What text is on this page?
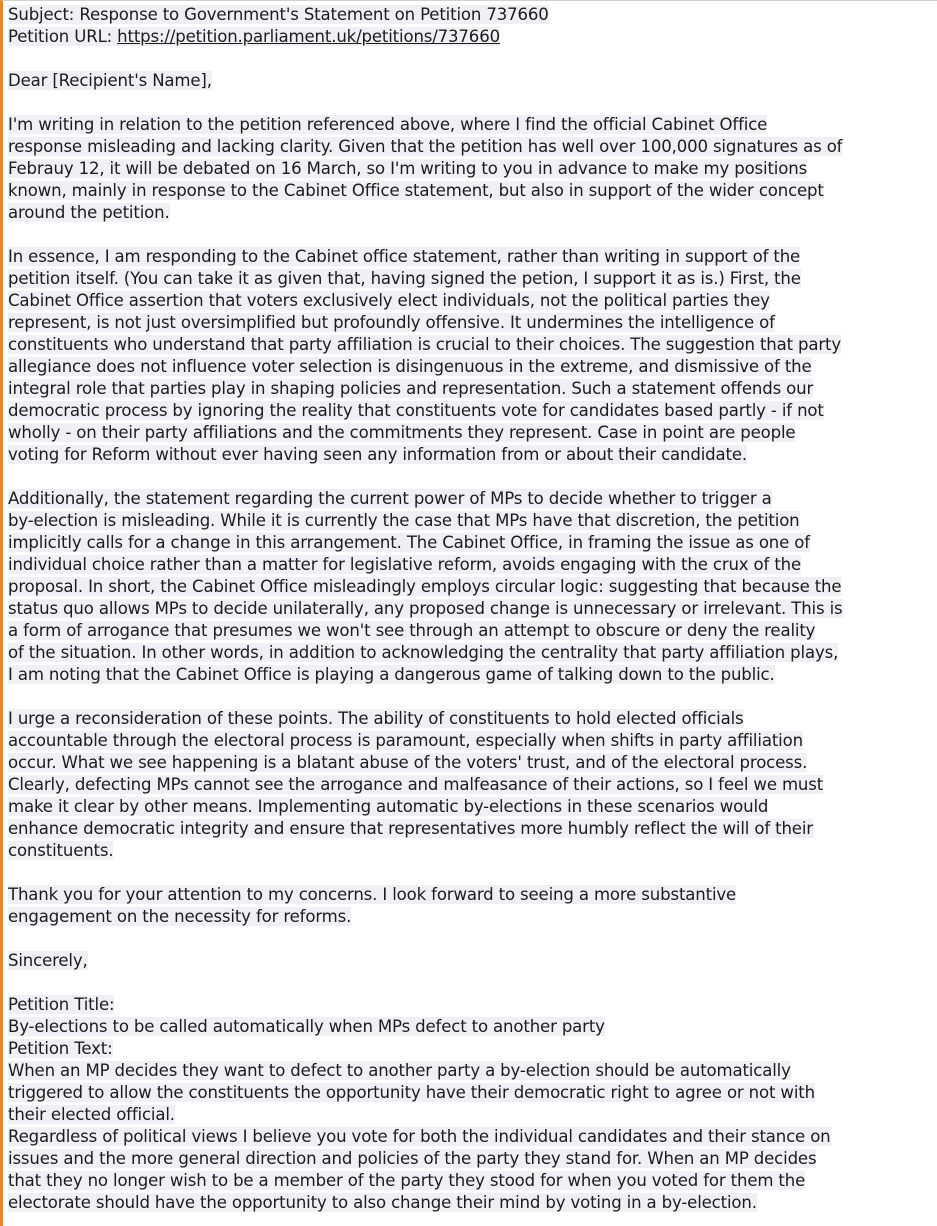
Subject: Response to Government's Statement on Petition 737660
Petition URL: https://petition.parliament.uk/petitions/737660
Dear [Recipient's Name],
I'm writing in relation to the petition referenced above, where I find the official Cabinet Office
response misleading and lacking clarity. Given that the petition has well over 100,000 signatures as of
Febrauy 12, it will be debated on 16 March, so I'm writing to you in advance to make my positions
known, mainly in response to the Cabinet Office statement, but also in support of the wider concept
around the petition.
In essence, I am responding to the Cabinet office statement, rather than writing in support of the
petition itself. (You can take it as given that, having signed the petion, I support it as is.) First, the
Cabinet Office assertion that voters exclusively elect individuals, not the political parties they
represent, is not just oversimplified but profoundly offensive. It undermines the intelligence of
constituents who understand that party affiliation is crucial to their choices. The suggestion that party
allegiance does not influence voter selection is disingenuous in the extreme, and dismissive of the
integral role that parties play in shaping policies and representation. Such a statement offends our
democratic process by ignoring the reality that constituents vote for candidates based partly - if not
wholly - on their party affiliations and the commitments they represent. Case in point are people
voting for Reform without ever having seen any information from or about their candidate.
Additionally, the statement regarding the current power of MPs to decide whether to trigger a
by-election is misleading. While it is currently the case that MPs have that discretion, the petition
implicitly calls for a change in this arrangement. The Cabinet Office, in framing the issue as one of
individual choice rather than a matter for legislative reform, avoids engaging with the crux of the
proposal. In short, the Cabinet Office misleadingly employs circular logic: suggesting that because the
status quo allows MPs to decide unilaterally, any proposed change is unnecessary or irrelevant. This is
a form of arrogance that presumes we won't see through an attempt to obscure or deny the reality
of the situation. In other words, in addition to acknowledging the centrality that party affiliation plays,
I am noting that the Cabinet Office is playing a dangerous game of talking down to the public.
I urge a reconsideration of these points. The ability of constituents to hold elected officials
accountable through the electoral process is paramount, especially when shifts in party affiliation
occur. What we see happening is a blatant abuse of the voters' trust, and of the electoral process.
Clearly, defecting MPs cannot see the arrogance and malfeasance of their actions, so I feel we must
make it clear by other means. Implementing automatic by-elections in these scenarios would
enhance democratic integrity and ensure that representatives more humbly reflect the will of their
constituents.
Thank you for your attention to my concerns. I look forward to seeing a more substantive
engagement on the necessity for reforms.
Sincerely,
Petition Title:
By-elections to be called automatically when MPs defect to another party
Petition Text:
When an MP decides they want to defect to another party a by-election should be automatically
triggered to allow the constituents the opportunity have their democratic right to agree or not with
their elected official.
Regardless of political views I believe you vote for both the individual candidates and their stance on
issues and the more general direction and policies of the party they stand for. When an MP decides
that they no longer wish to be a member of the party they stood for when you voted for them the
electorate should have the opportunity to also change their mind by voting in a by-election.
